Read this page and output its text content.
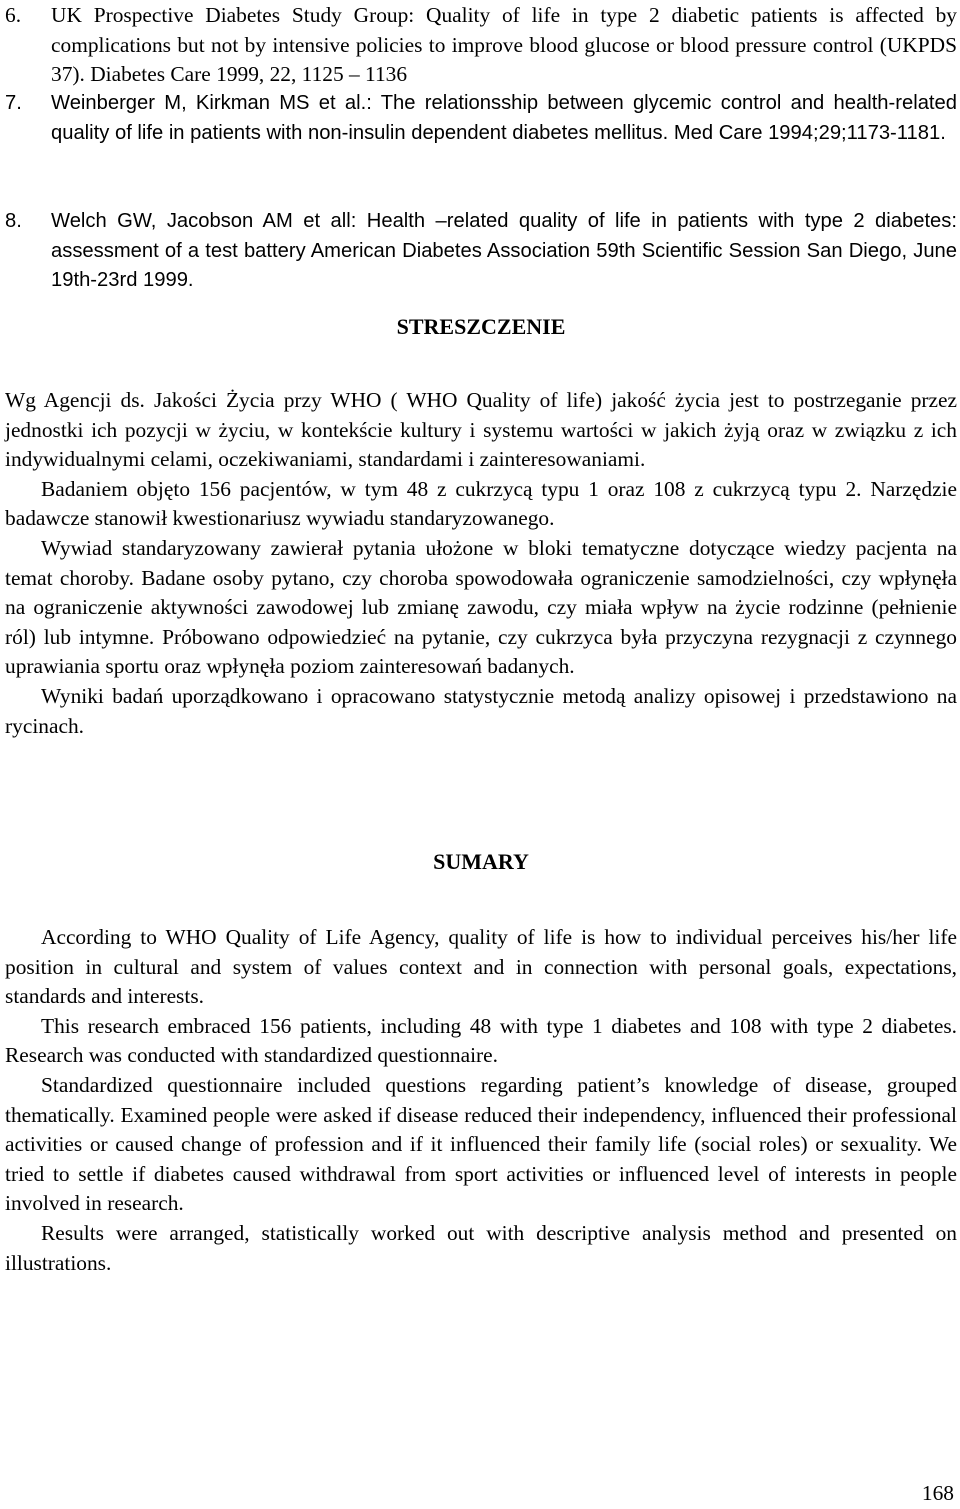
6.	UK Prospective Diabetes Study Group: Quality of life in type 2 diabetic patients is affected by complications but not by intensive policies to improve blood glucose or blood pressure control (UKPDS 37). Diabetes Care 1999, 22, 1125 – 1136
7.	Weinberger M, Kirkman MS et al.: The relationsship between glycemic control and health-related quality of life in patients with non-insulin dependent diabetes mellitus. Med Care 1994;29;1173-1181.
8.	Welch GW, Jacobson AM et all: Health –related quality of life in patients with type 2 diabetes: assessment of a test battery American Diabetes Association 59th Scientific Session San Diego, June 19th-23rd 1999.
STRESZCZENIE

Wg Agencji ds. Jakości Życia przy WHO ( WHO Quality of life) jakość życia jest to postrzeganie przez jednostki ich pozycji w życiu, w kontekście kultury i systemu wartości w jakich żyją oraz w związku z ich indywidualnymi celami, oczekiwaniami, standardami i zainteresowaniami.

Badaniem objęto 156 pacjentów, w tym 48 z cukrzycą typu 1 oraz 108 z cukrzycą typu 2. Narzędzie badawcze stanowił kwestionariusz wywiadu standaryzowanego.

Wywiad standaryzowany zawierał pytania ułożone w bloki tematyczne dotyczące wiedzy pacjenta na temat choroby. Badane osoby pytano, czy choroba spowodowała ograniczenie samodzielności, czy wpłynęła na ograniczenie aktywności zawodowej lub zmianę zawodu, czy miała wpływ na życie rodzinne (pełnienie ról) lub intymne. Próbowano odpowiedzieć na pytanie, czy cukrzyca była przyczyna rezygnacji z czynnego uprawiania sportu oraz wpłynęła poziom zainteresowań badanych.

Wyniki badań uporządkowano i opracowano statystycznie metodą analizy opisowej i przedstawiono na rycinach.

SUMARY

According to WHO Quality of Life Agency, quality of life is how to individual perceives his/her life position in cultural and system of values context and in connection with personal goals, expectations, standards and interests.

This research embraced 156 patients, including 48 with type 1 diabetes and 108 with type 2 diabetes. Research was conducted with standardized questionnaire.

Standardized questionnaire included questions regarding patient’s knowledge of disease, grouped thematically. Examined people were asked if disease reduced their independency, influenced their professional activities or caused change of profession and if it influenced their family life (social roles) or sexuality. We tried to settle if diabetes caused withdrawal from sport activities or influenced level of interests in people involved in research.

Results were arranged, statistically worked out with descriptive analysis method and presented on illustrations.

168
